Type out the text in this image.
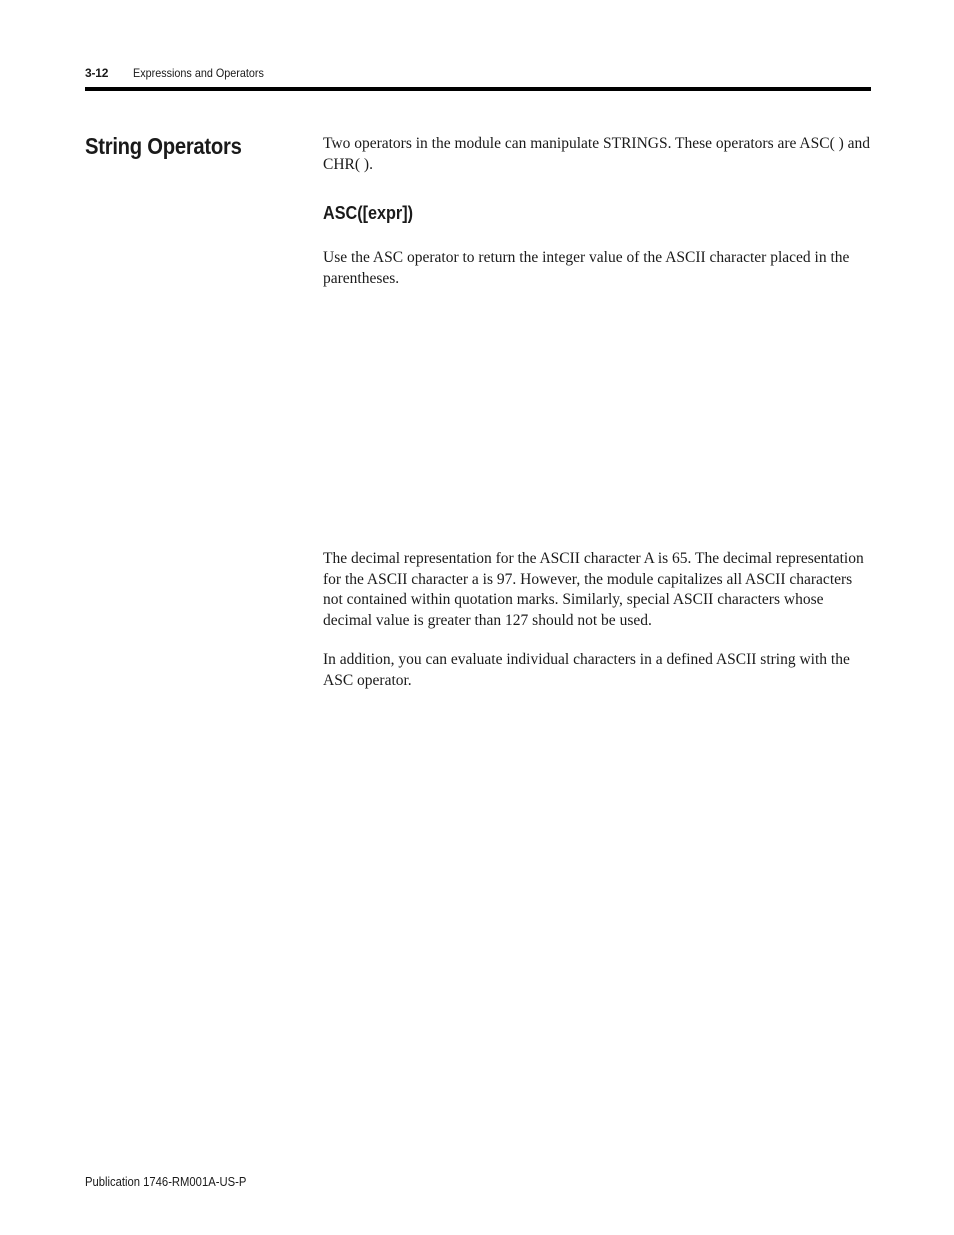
3-12 Expressions and Operators
String Operators	Two operators in the module can manipulate STRINGS. These operators are ASC( ) and CHR( ).

ASC([expr])

Use the ASC operator to return the integer value of the ASCII character placed in the parentheses.

The decimal representation for the ASCII character A is 65. The decimal representation for the ASCII character a is 97. However, the module capitalizes all ASCII characters not contained within quotation marks. Similarly, special ASCII characters whose decimal value is greater than 127 should not be used.

In addition, you can evaluate individual characters in a defined ASCII string with the ASC operator.

Publication 1746-RM001A-US-P
